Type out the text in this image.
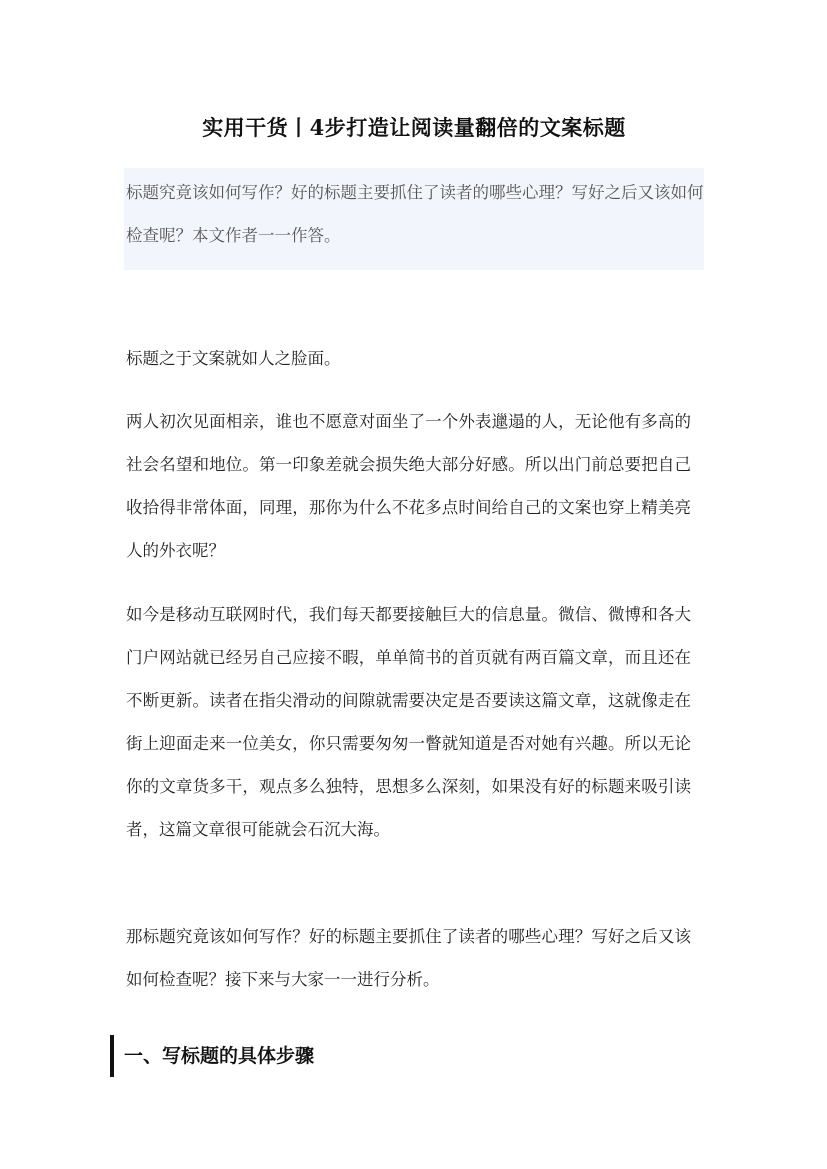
实用干货丨4步打造让阅读量翻倍的文案标题

标题究竟该如何写作？好的标题主要抓住了读者的哪些心理？写好之后又该如何检查呢？本文作者一一作答。

标题之于文案就如人之脸面。

两人初次见面相亲，谁也不愿意对面坐了一个外表邋遢的人，无论他有多高的社会名望和地位。第一印象差就会损失绝大部分好感。所以出门前总要把自己收拾得非常体面，同理，那你为什么不花多点时间给自己的文案也穿上精美亮人的外衣呢？

如今是移动互联网时代，我们每天都要接触巨大的信息量。微信、微博和各大门户网站就已经另自己应接不暇，单单简书的首页就有两百篇文章，而且还在不断更新。读者在指尖滑动的间隙就需要决定是否要读这篇文章，这就像走在街上迎面走来一位美女，你只需要匆匆一瞥就知道是否对她有兴趣。所以无论你的文章货多干，观点多么独特，思想多么深刻，如果没有好的标题来吸引读者，这篇文章很可能就会石沉大海。

那标题究竟该如何写作？好的标题主要抓住了读者的哪些心理？写好之后又该如何检查呢？接下来与大家一一进行分析。

一、写标题的具体步骤
